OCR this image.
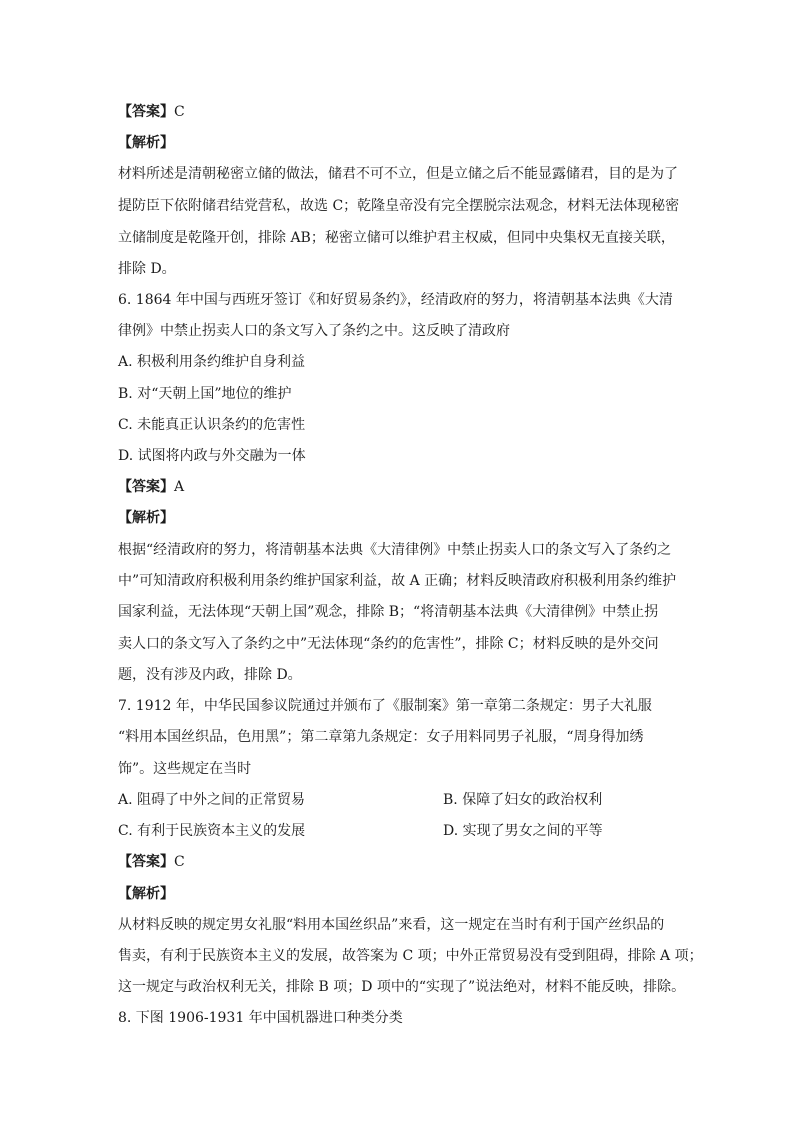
【答案】C
【解析】
材料所述是清朝秘密立储的做法，储君不可不立，但是立储之后不能显露储君，目的是为了
提防臣下依附储君结党营私，故选 C；乾隆皇帝没有完全摆脱宗法观念，材料无法体现秘密
立储制度是乾隆开创，排除 AB；秘密立储可以维护君主权威，但同中央集权无直接关联，
排除 D。
6. 1864 年中国与西班牙签订《和好贸易条约》，经清政府的努力，将清朝基本法典《大清
律例》中禁止拐卖人口的条文写入了条约之中。这反映了清政府
A. 积极利用条约维护自身利益
B. 对“天朝上国”地位的维护
C. 未能真正认识条约的危害性
D. 试图将内政与外交融为一体
【答案】A
【解析】
根据“经清政府的努力，将清朝基本法典《大清律例》中禁止拐卖人口的条文写入了条约之
中”可知清政府积极利用条约维护国家利益，故 A 正确；材料反映清政府积极利用条约维护
国家利益，无法体现“天朝上国”观念，排除 B；“将清朝基本法典《大清律例》中禁止拐
卖人口的条文写入了条约之中”无法体现“条约的危害性”，排除 C；材料反映的是外交问
题，没有涉及内政，排除 D。
7. 1912 年，中华民国参议院通过并颁布了《服制案》第一章第二条规定：男子大礼服
“料用本国丝织品，色用黑”；第二章第九条规定：女子用料同男子礼服，“周身得加绣
饰”。这些规定在当时
A. 阻碍了中外之间的正常贸易	B. 保障了妇女的政治权利
C. 有利于民族资本主义的发展	D. 实现了男女之间的平等
【答案】C
【解析】
从材料反映的规定男女礼服“料用本国丝织品”来看，这一规定在当时有利于国产丝织品的
售卖，有利于民族资本主义的发展，故答案为 C 项；中外正常贸易没有受到阻碍，排除 A 项；
这一规定与政治权利无关，排除 B 项；D 项中的“实现了”说法绝对，材料不能反映，排除。
8. 下图 1906-1931 年中国机器进口种类分类
